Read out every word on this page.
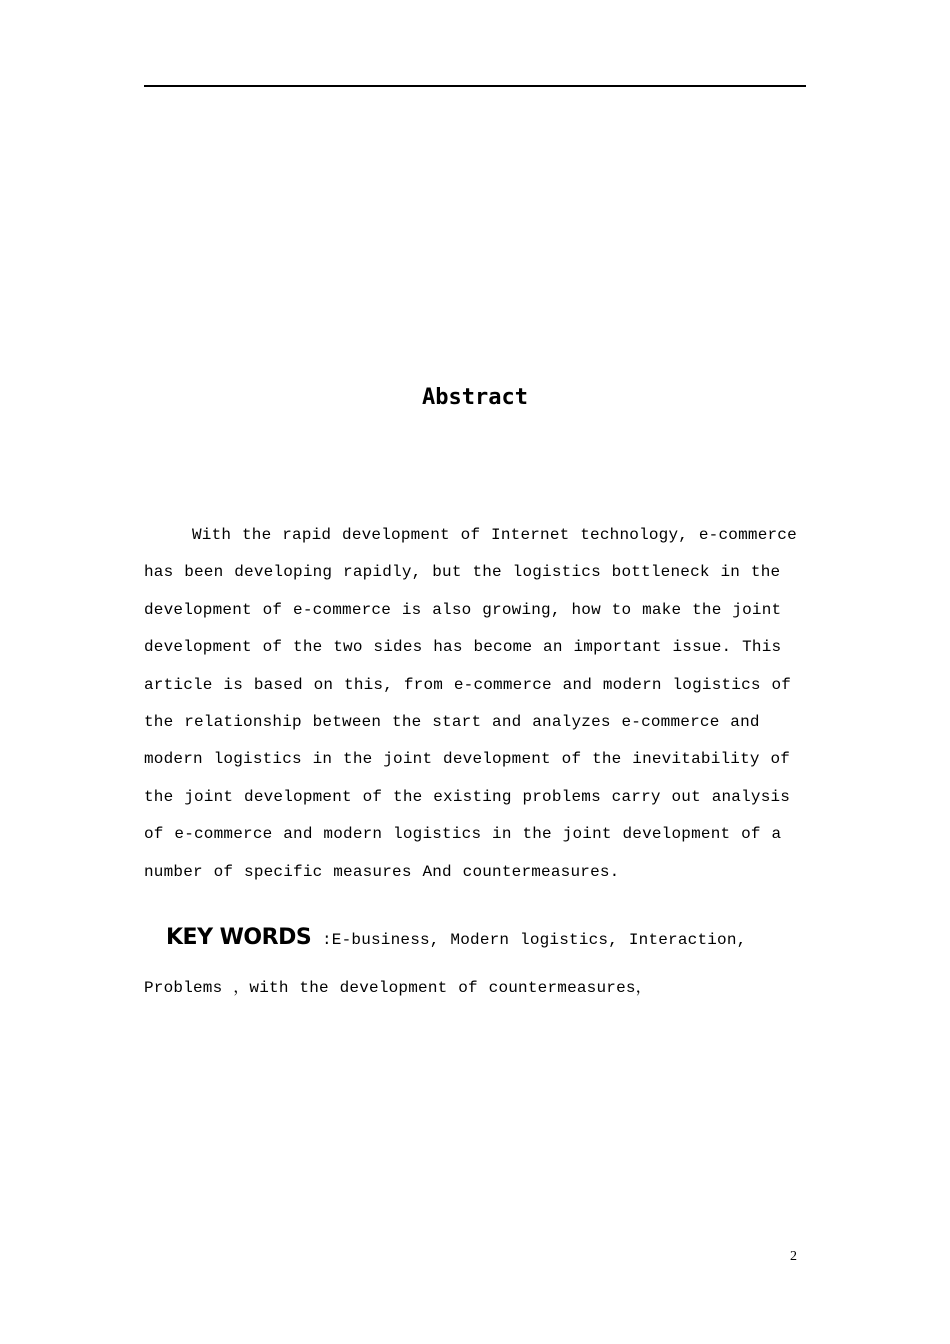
Abstract

With the rapid development of Internet technology, e-commerce has been developing rapidly, but the logistics bottleneck in the development of e-commerce is also growing, how to make the joint development of the two sides has become an important issue. This article is based on this, from e-commerce and modern logistics of the relationship between the start and analyzes e-commerce and modern logistics in the joint development of the inevitability of the joint development of the existing problems carry out analysis of e-commerce and modern logistics in the joint development of a number of specific measures And countermeasures.

KEY WORDS :E-business, Modern logistics, Interaction, Problems ，with the development of countermeasures，

2
